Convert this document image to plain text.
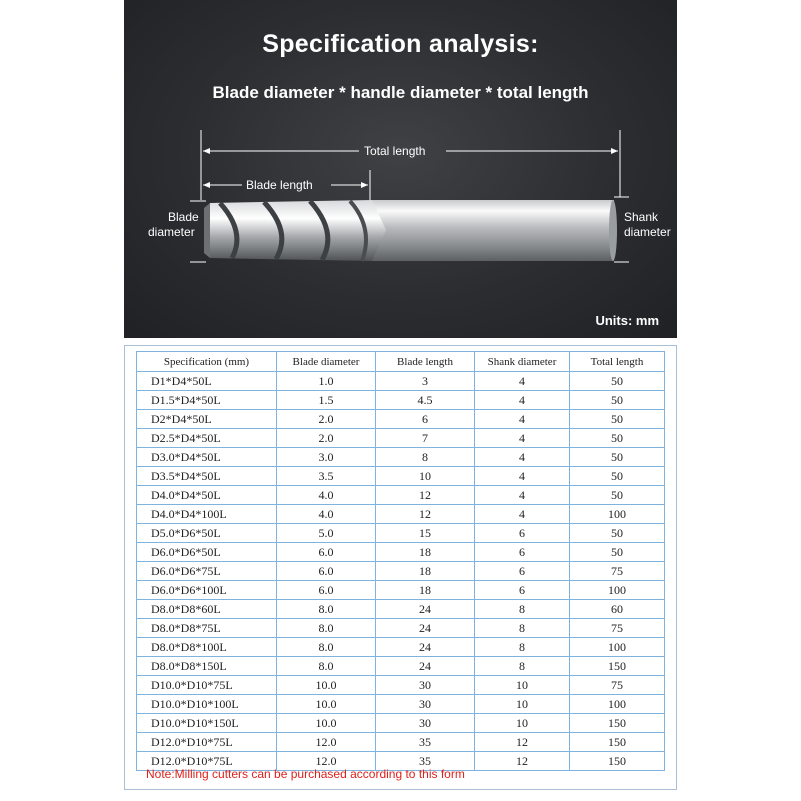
Specification analysis:
Blade diameter * handle diameter * total length
Total length
Blade length
Blade
diameter
Shank
diameter
Units: mm
Specification (mm)	Blade diameter	Blade length	Shank diameter	Total length
D1*D4*50L	1.0	3	4	50
D1.5*D4*50L	1.5	4.5	4	50
D2*D4*50L	2.0	6	4	50
D2.5*D4*50L	2.0	7	4	50
D3.0*D4*50L	3.0	8	4	50
D3.5*D4*50L	3.5	10	4	50
D4.0*D4*50L	4.0	12	4	50
D4.0*D4*100L	4.0	12	4	100
D5.0*D6*50L	5.0	15	6	50
D6.0*D6*50L	6.0	18	6	50
D6.0*D6*75L	6.0	18	6	75
D6.0*D6*100L	6.0	18	6	100
D8.0*D8*60L	8.0	24	8	60
D8.0*D8*75L	8.0	24	8	75
D8.0*D8*100L	8.0	24	8	100
D8.0*D8*150L	8.0	24	8	150
D10.0*D10*75L	10.0	30	10	75
D10.0*D10*100L	10.0	30	10	100
D10.0*D10*150L	10.0	30	10	150
D12.0*D10*75L	12.0	35	12	150
D12.0*D10*75L	12.0	35	12	150
Note:Milling cutters can be purchased according to this form
